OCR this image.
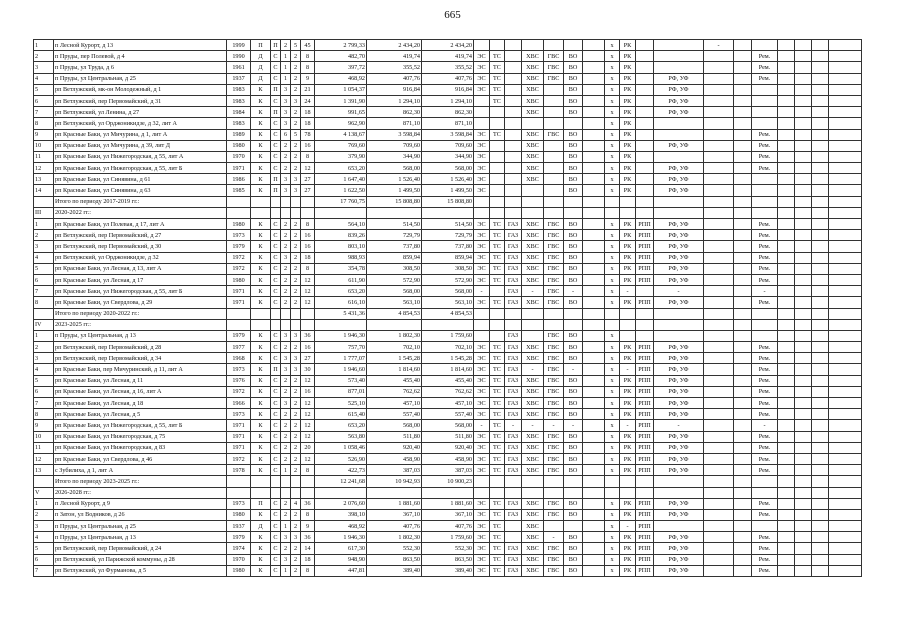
665
1	п Лесной Курорт, д 13	1999	П	П	2	5	45	2 799,33	2 434,20	2 434,20								х	РК			-						
2	п Пруды, пер Полевой, д 4	1990	Д	С	1	2	8	482,70	419,74	419,74	ЭС	ТС		ХВС	ГВС	ВО		х	РК					Рем.				
3	п Пруды, ул Труда, д 6	1961	Д	С	1	2	8	397,72	355,52	355,52	ЭС	ТС		ХВС	ГВС	ВО		х	РК					Рем.				
4	п Пруды, ул Центральная, д 25	1937	Д	С	1	2	9	468,92	407,76	407,76	ЭС	ТС		ХВС	ГВС	ВО		х	РК		РФ, УФ			Рем.				
5	рп Ветлужский, мк-он Молодежный, д 1	1983	К	П	3	2	21	1 054,37	916,84	916,84	ЭС	ТС		ХВС		ВО		х	РК		РФ, УФ							
6	рп Ветлужский, пер Первомайский, д 31	1983	К	С	3	3	24	1 391,90	1 294,10	1 294,10		ТС		ХВС		ВО		х	РК		РФ, УФ							
7	рп Ветлужский, ул Ленина, д 27	1984	К	П	3	2	18	991,65	862,30	862,30				ХВС		ВО		х	РК		РФ, УФ							
8	рп Ветлужский, ул Орджоникидзе, д 32, лит А	1983	К	С	3	2	18	962,90	871,10	871,10								х	РК									
9	рп Красные Баки, ул Мичурина, д 1, лит А	1989	К	С	6	5	78	4 138,67	3 598,84	3 598,84	ЭС	ТС		ХВС	ГВС	ВО		х	РК					Рем.				
10	рп Красные Баки, ул Мичурина, д 39, лит Д	1980	К	С	2	2	16	769,60	709,60	709,60	ЭС			ХВС		ВО		х	РК		РФ, УФ			Рем.				
11	рп Красные Баки, ул Нижегородская, д 55, лит А	1970	К	С	2	2	8	379,90	344,90	344,90	ЭС			ХВС		ВО		х	РК					Рем.				
12	рп Красные Баки, ул Нижегородская, д 55, лит Б	1971	К	С	2	2	12	653,20	568,00	568,00	ЭС			ХВС		ВО		х	РК		РФ, УФ			Рем.				
13	рп Красные Баки, ул Синявина, д 61	1986	К	П	3	3	27	1 647,40	1 526,40	1 526,40	ЭС			ХВС		ВО		х	РК		РФ, УФ							
14	рп Красные Баки, ул Синявина, д 63	1985	К	П	3	3	27	1 622,50	1 499,50	1 499,50	ЭС					ВО		х	РК		РФ, УФ							
	Итого по периоду 2017-2019 гг.:							17 760,75	15 808,80	15 808,80																		
III	2020-2022 гг.:																											
1	рп Красные Баки, ул Полевая, д 17, лит А	1980	К	С	2	2	8	564,10	514,50	514,50	ЭС	ТС	ГАЗ	ХВС	ГВС	ВО		х	РК	РПП	РФ, УФ			Рем.				
2	рп Ветлужский, пер Первомайский, д 27	1973	К	С	2	2	16	839,26	729,79	729,79	ЭС	ТС	ГАЗ	ХВС	ГВС	ВО		х	РК	РПП	РФ, УФ			Рем.				
3	рп Ветлужский, пер Первомайский, д 30	1979	К	С	2	2	16	803,10	737,80	737,80	ЭС	ТС	ГАЗ	ХВС	ГВС	ВО		х	РК	РПП	РФ, УФ			Рем.				
4	рп Ветлужский, ул Орджоникидзе, д 32	1972	К	С	3	2	18	988,93	859,94	859,94	ЭС	ТС	ГАЗ	ХВС	ГВС	ВО		х	РК	РПП	РФ, УФ			Рем.				
5	рп Красные Баки, ул Лесная, д 13, лит А	1972	К	С	2	2	8	354,78	308,50	308,50	ЭС	ТС	ГАЗ	ХВС	ГВС	ВО		х	РК	РПП	РФ, УФ			Рем.				
6	рп Красные Баки, ул Лесная, д 17	1980	К	С	2	2	12	611,90	572,90	572,90	ЭС	ТС	ГАЗ	ХВС	ГВС	ВО		х	РК	РПП	РФ, УФ			Рем.				
7	рп Красные Баки, ул Нижегородская, д 55, лит Б	1971	К	С	2	2	12	653,20	568,00	568,00	-		ГАЗ	-	ГВС	-		х	-		-			-				
8	рп Красные Баки, ул Свердлова, д 29	1971	К	С	2	2	12	616,10	563,10	563,10	ЭС	ТС	ГАЗ	ХВС	ГВС	ВО		х	РК	РПП	РФ, УФ			Рем.				
	Итого по периоду 2020-2022 гг.:							5 431,36	4 854,53	4 854,53																		
IV	2023-2025 гг.:																											
1	п Пруды, ул Центральная, д 13	1979	К	С	3	3	36	1 946,30	1 802,30	1 759,60			ГАЗ		ГВС	ВО		х										
2	рп Ветлужский, пер Первомайский, д 28	1977	К	С	2	2	16	757,70	702,10	702,10	ЭС	ТС	ГАЗ	ХВС	ГВС	ВО		х	РК	РПП	РФ, УФ			Рем.				
3	рп Ветлужский, пер Первомайский, д 34	1968	К	С	3	3	27	1 777,07	1 545,28	1 545,28	ЭС	ТС	ГАЗ	ХВС	ГВС	ВО		х	РК	РПП	РФ, УФ			Рем.				
4	рп Красные Баки, пер Мичуринский, д 11, лит А	1973	К	П	3	3	30	1 946,60	1 814,60	1 814,60	ЭС	ТС	ГАЗ	-	ГВС	-		х	-	РПП	РФ, УФ			Рем.				
5	рп Красные Баки, ул Лесная, д 11	1976	К	С	2	2	12	573,40	455,40	455,40	ЭС	ТС	ГАЗ	ХВС	ГВС	ВО		х	РК	РПП	РФ, УФ			Рем.				
6	рп Красные Баки, ул Лесная, д 16, лит А	1972	К	С	2	2	16	877,01	762,62	762,62	ЭС	ТС	ГАЗ	ХВС	ГВС	ВО		х	РК	РПП	РФ, УФ			Рем.				
7	рп Красные Баки, ул Лесная, д 18	1966	К	С	3	2	12	525,10	457,10	457,10	ЭС	ТС	ГАЗ	ХВС	ГВС	ВО		х	РК	РПП	РФ, УФ			Рем.				
8	рп Красные Баки, ул Лесная, д 5	1973	К	С	2	2	12	615,40	557,40	557,40	ЭС	ТС	ГАЗ	ХВС	ГВС	ВО		х	РК	РПП	РФ, УФ			Рем.				
9	рп Красные Баки, ул Нижегородская, д 55, лит Б	1971	К	С	2	2	12	653,20	568,00	568,00	-	ТС	-	-	-	-		х	-	РПП	-			-				
10	рп Красные Баки, ул Нижегородская, д 75	1971	К	С	2	2	12	563,80	511,80	511,80	ЭС	ТС	ГАЗ	ХВС	ГВС	ВО		х	РК	РПП	РФ, УФ			Рем.				
11	рп Красные Баки, ул Нижегородская, д 83	1971	К	С	2	2	20	1 058,46	920,40	920,40	ЭС	ТС	ГАЗ	ХВС	ГВС	ВО		х	РК	РПП	РФ, УФ			Рем.				
12	рп Красные Баки, ул Свердлова, д 46	1972	К	С	2	2	12	526,90	458,90	458,90	ЭС	ТС	ГАЗ	ХВС	ГВС	ВО		х	РК	РПП	РФ, УФ			Рем.				
13	с Зубилиха, д 1, лит А	1978	К	С	1	2	8	422,73	387,03	387,03	ЭС	ТС	ГАЗ	ХВС	ГВС	ВО		х	РК	РПП	РФ, УФ			Рем.				
	Итого по периоду 2023-2025 гг.:							12 241,68	10 942,93	10 900,23																		
V	2026-2028 гг.:																											
1	п Лесной Курорт, д 9	1973	П	С	2	4	36	2 076,60	1 881,60	1 881,60	ЭС	ТС	ГАЗ	ХВС	ГВС	ВО		х	РК	РПП	РФ, УФ			Рем.				
2	п Затон, ул Водников, д 26	1980	К	С	2	2	8	398,10	367,10	367,10	ЭС	ТС	ГАЗ	ХВС	ГВС	ВО		х	РК	РПП	РФ, УФ			Рем.				
3	п Пруды, ул Центральная, д 25	1937	Д	С	1	2	9	468,92	407,76	407,76	ЭС	ТС		ХВС				х	-	РПП								
4	п Пруды, ул Центральная, д 13	1979	К	С	3	3	36	1 946,30	1 802,30	1 759,60	ЭС	ТС		ХВС	-	ВО		х	РК	РПП	РФ, УФ			Рем.				
5	рп Ветлужский, пер Первомайский, д 24	1974	К	С	2	2	14	617,30	552,30	552,30	ЭС	ТС	ГАЗ	ХВС	ГВС	ВО		х	РК	РПП	РФ, УФ			Рем.				
6	рп Ветлужский, ул Парижской коммуны, д 28	1970	К	С	3	2	18	948,90	863,50	863,50	ЭС	ТС	ГАЗ	ХВС	ГВС	ВО		х	РК	РПП	РФ, УФ			Рем.				
7	рп Ветлужский, ул Фурманова, д 5	1980	К	С	1	2	8	447,81	389,40	389,40	ЭС	ТС	ГАЗ	ХВС	ГВС	ВО		х	РК	РПП	РФ, УФ			Рем.				
